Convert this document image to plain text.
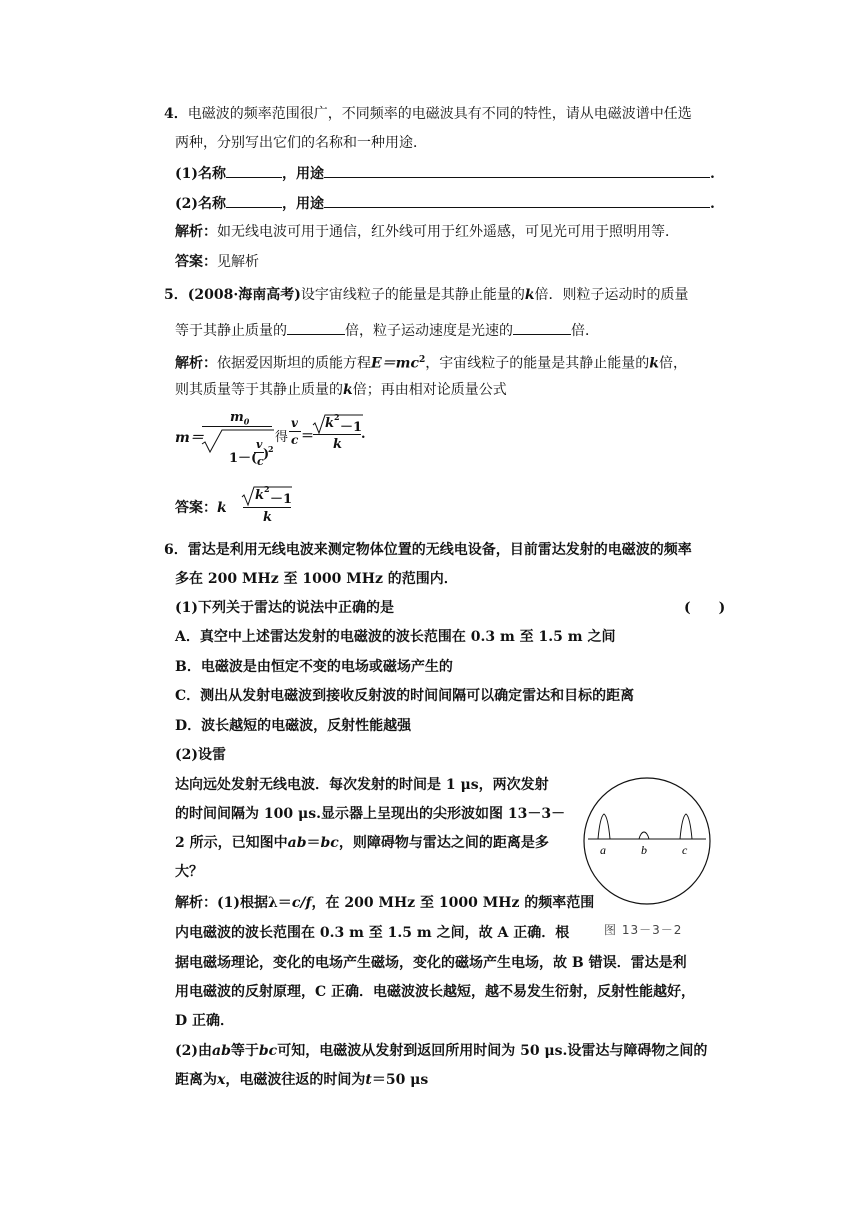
4．电磁波的频率范围很广，不同频率的电磁波具有不同的特性，请从电磁波谱中任选
两种，分别写出它们的名称和一种用途．
(1)名称	，用途	.
(2)名称	，用途	.
解析：如无线电波可用于通信，红外线可用于红外遥感，可见光可用于照明用等．
答案：见解析
5．(2008·海南高考)设宇宙线粒子的能量是其静止能量的k倍．则粒子运动时的质量
等于其静止质量的	倍，粒子运动速度是光速的	倍．
解析：依据爱因斯坦的质能方程$E=mc^2$，宇宙线粒子的能量是其静止能量的k倍，
则其质量等于其静止质量的k倍；再由相对论质量公式
m＝
$m_0$
1－(
v
c )
2
得
v
c ＝
k 2
－1
k
.
答案：k
k 2
－1
k
6．雷达是利用无线电波来测定物体位置的无线电设备，目前雷达发射的电磁波的频率
多在 200 MHz 至 1000 MHz 的范围内．
(1)下列关于雷达的说法中正确的是	(　　)
A．真空中上述雷达发射的电磁波的波长范围在 0.3 m 至 1.5 m 之间
B．电磁波是由恒定不变的电场或磁场产生的
C．测出从发射电磁波到接收反射波的时间间隔可以确定雷达和目标的距离
D．波长越短的电磁波，反射性能越强
(2)设雷
达向远处发射无线电波．每次发射的时间是 1 μs，两次发射
的时间间隔为 100 μs.显示器上呈现出的尖形波如图 13－3－
2 所示，已知图中ab＝bc，则障碍物与雷达之间的距离是多
大？
a	b	c
图 13－3－2
解析：(1)根据λ＝c/f，在 200 MHz 至 1000 MHz 的频率范围
内电磁波的波长范围在 0.3 m 至 1.5 m 之间，故 A 正确．根
据电磁场理论，变化的电场产生磁场，变化的磁场产生电场，故 B 错误．雷达是利
用电磁波的反射原理，C 正确．电磁波波长越短，越不易发生衍射，反射性能越好，
D 正确．
(2)由ab等于bc可知，电磁波从发射到返回所用时间为 50 μs.设雷达与障碍物之间的
距离为x，电磁波往返的时间为t＝50 μs
